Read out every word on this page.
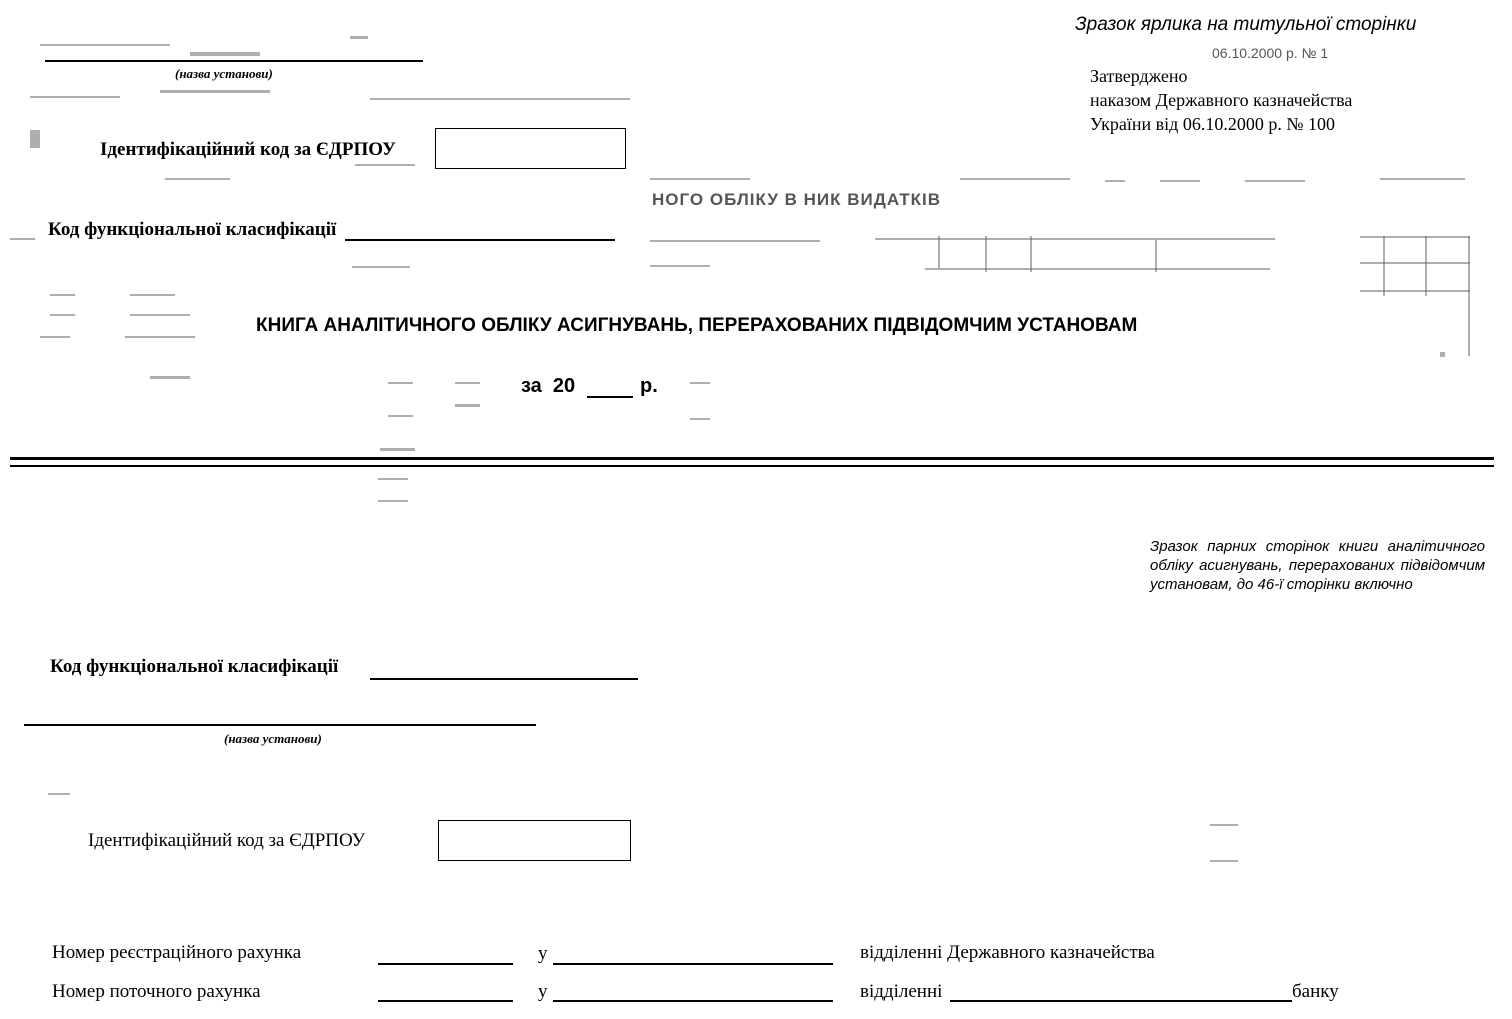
НОГО ОБЛІКУ В НИК ВИДАТКІВ
Зразок ярлика на титульної сторінки
06.10.2000 р. № 1
Затверджено
наказом Державного казначейства
України від 06.10.2000 р. № 100
(назва установи)
Ідентифікаційний код за ЄДРПОУ
Код функціональної класифікації
КНИГА АНАЛІТИЧНОГО ОБЛІКУ АСИГНУВАНЬ, ПЕРЕРАХОВАНИХ ПІДВІДОМЧИМ УСТАНОВАМ
за  20	р.
Зразок парних сторінок книги аналітичного обліку асигнувань, перерахованих підвідомчим установам, до 46-ї сторінки включно
Код функціональної класифікації
(назва установи)
Ідентифікаційний код за ЄДРПОУ
Номер реєстраційного рахунка	у	відділенні Державного казначейства
Номер поточного рахунка	у	відділенні	банку
